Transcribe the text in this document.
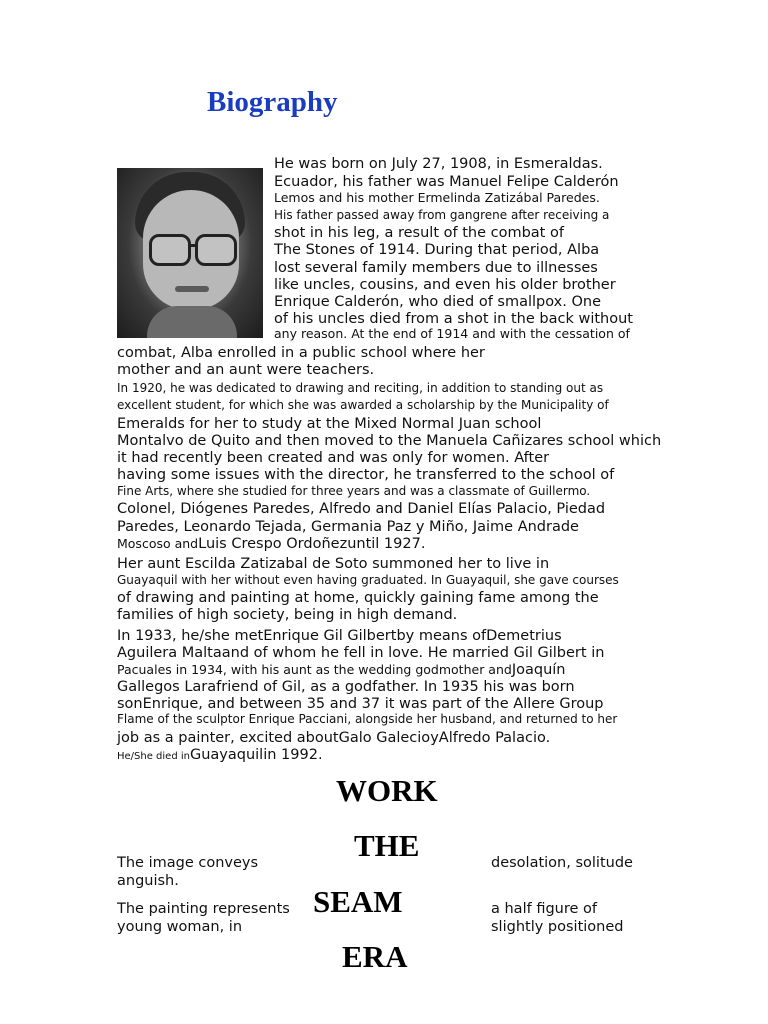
Biography
He was born on July 27, 1908, in Esmeraldas.
Ecuador, his father was Manuel Felipe Calderón
Lemos and his mother Ermelinda Zatizábal Paredes.
His father passed away from gangrene after receiving a
shot in his leg, a result of the combat of
The Stones of 1914. During that period, Alba
lost several family members due to illnesses
like uncles, cousins, and even his older brother
Enrique Calderón, who died of smallpox. One
of his uncles died from a shot in the back without
any reason. At the end of 1914 and with the cessation of
combat, Alba enrolled in a public school where her
mother and an aunt were teachers.
In 1920, he was dedicated to drawing and reciting, in addition to standing out as
excellent student, for which she was awarded a scholarship by the Municipality of
Emeralds for her to study at the Mixed Normal Juan school
Montalvo de Quito and then moved to the Manuela Cañizares school which
it had recently been created and was only for women. After
having some issues with the director, he transferred to the school of
Fine Arts, where she studied for three years and was a classmate of Guillermo.
Colonel, Diógenes Paredes, Alfredo and Daniel Elías Palacio, Piedad
Paredes, Leonardo Tejada, Germania Paz y Miño, Jaime Andrade
Moscoso andLuis Crespo Ordoñezuntil 1927.
Her aunt Escilda Zatizabal de Soto summoned her to live in
Guayaquil with her without even having graduated. In Guayaquil, she gave courses
of drawing and painting at home, quickly gaining fame among the
families of high society, being in high demand.
In 1933, he/she metEnrique Gil Gilbertby means ofDemetrius
Aguilera Maltaand of whom he fell in love. He married Gil Gilbert in
Pacuales in 1934, with his aunt as the wedding godmother andJoaquín
Gallegos Larafriend of Gil, as a godfather. In 1935 his was born
sonEnrique, and between 35 and 37 it was part of the Allere Group
Flame of the sculptor Enrique Pacciani, alongside her husband, and returned to her
job as a painter, excited aboutGalo GalecioyAlfredo Palacio.
He/She died inGuayaquilin 1992.
WORK
THE
SEAM
ERA
The image conveys
anguish.
The painting represents
young woman, in
desolation, solitude
a half figure of
slightly positioned
